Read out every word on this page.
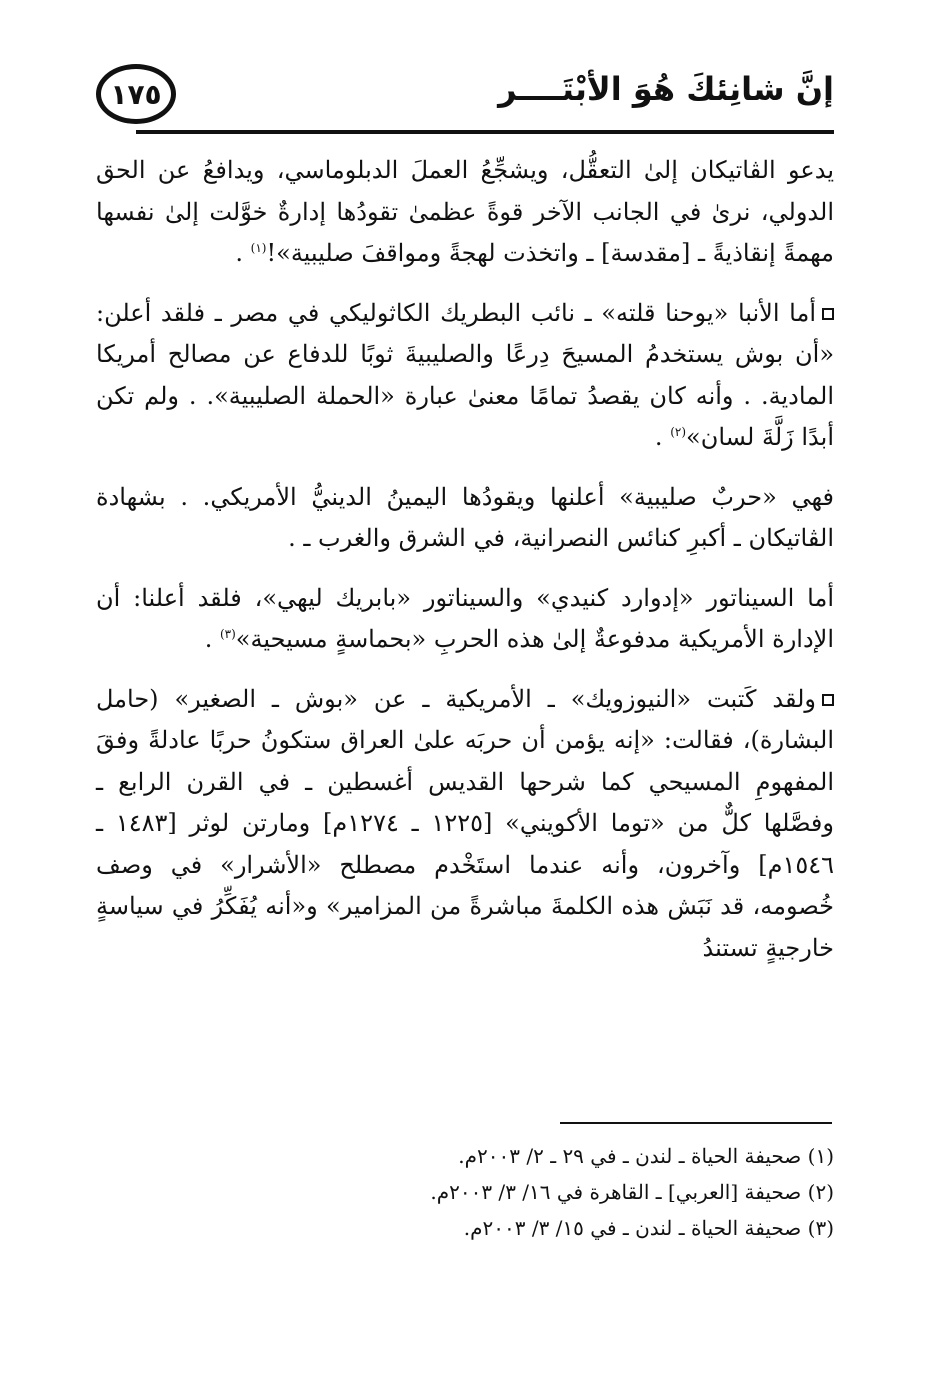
إنَّ شانِئكَ هُوَ الأبْتَــــر
١٧٥

يدعو الڤاتيكان إلىٰ التعقُّل، ويشجِّعُ العملَ الدبلوماسي، ويدافعُ عن الحق الدولي، نرىٰ في الجانب الآخر قوةً عظمىٰ تقودُها إدارةٌ خوَّلت إلىٰ نفسها مهمةً إنقاذيةً ـ [مقدسة] ـ واتخذت لهجةً ومواقفَ صليبية»!$^{(١)}$ .

أما الأنبا «يوحنا قلته» ـ نائب البطريك الكاثوليكي في مصر ـ فلقد أعلن: «أن بوش يستخدمُ المسيحَ دِرعًا والصليبيةَ ثوبًا للدفاع عن مصالح أمريكا المادية. . وأنه كان يقصدُ تمامًا معنىٰ عبارة «الحملة الصليبية». . ولم تكن أبدًا زَلَّةَ لسان»$^{(٢)}$ .

فهي «حربٌ صليبية» أعلنها ويقودُها اليمينُ الدينيُّ الأمريكي. . بشهادة الڤاتيكان ـ أكبرِ كنائس النصرانية، في الشرق والغرب ـ .

أما السيناتور «إدوارد كنيدي» والسيناتور «بابريك ليهي»، فلقد أعلنا: أن الإدارة الأمريكية مدفوعةٌ إلىٰ هذه الحربِ «بحماسةٍ مسيحية»$^{(٣)}$ .

ولقد كَتبت «النيوزويك» ـ الأمريكية ـ عن «بوش ـ الصغير» (حامل البشارة)، فقالت: «إنه يؤمن أن حربَه علىٰ العراق ستكونُ حربًا عادلةً وفقَ المفهومِ المسيحي كما شرحها القديس أغسطين ـ في القرن الرابع ـ وفصَّلها كلٌّ من «توما الأكويني» [١٢٢٥ ـ ١٢٧٤م] ومارتن لوثر [١٤٨٣ ـ ١٥٤٦م] وآخرون، وأنه عندما استَخْدم مصطلح «الأشرار» في وصف خُصومه، قد نَبَش هذه الكلمةَ مباشرةً من المزامير» و«أنه يُفَكِّرُ في سياسةٍ خارجيةٍ تستندُ

(١) صحيفة الحياة ـ لندن ـ في ٢٩ ـ ٢/ ٢٠٠٣م.
(٢) صحيفة [العربي] ـ القاهرة في ١٦/ ٣/ ٢٠٠٣م.
(٣) صحيفة الحياة ـ لندن ـ في ١٥/ ٣/ ٢٠٠٣م.
